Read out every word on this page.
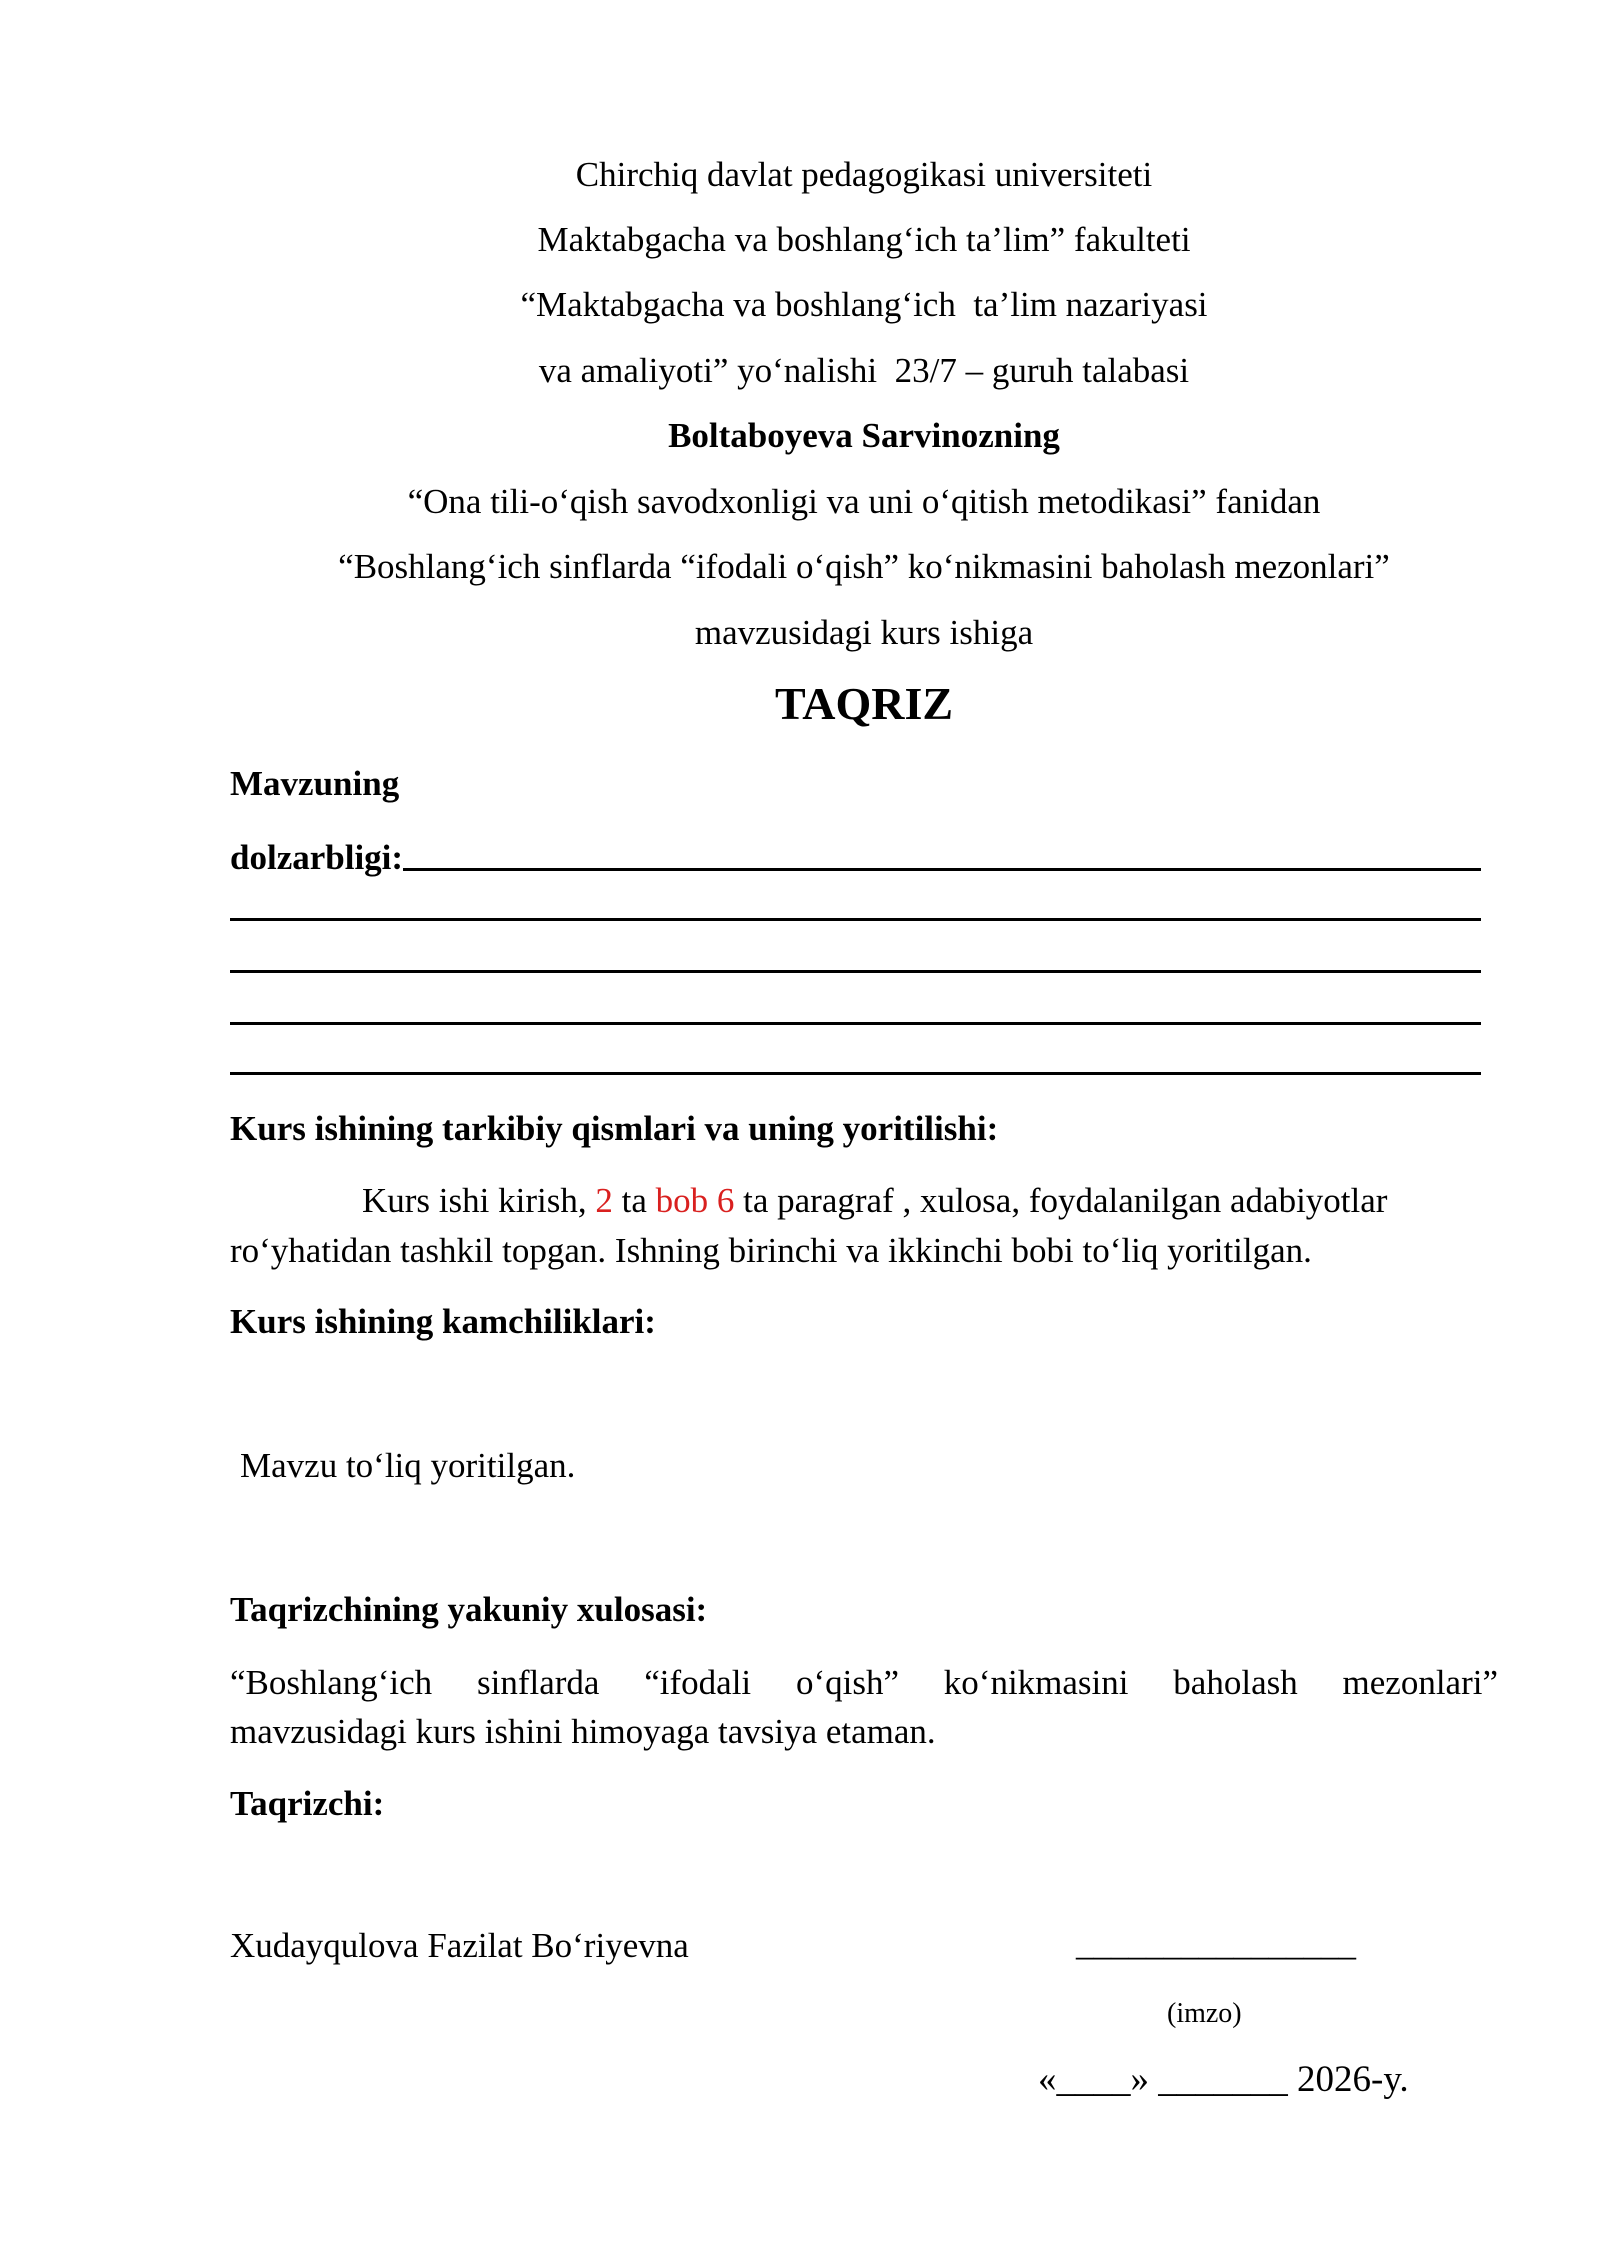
Chirchiq davlat pedagogikasi universiteti
Maktabgacha va boshlang‘ich ta’lim” fakulteti
“Maktabgacha va boshlang‘ich  ta’lim nazariyasi
va amaliyoti” yo‘nalishi  23/7 – guruh talabasi
Boltaboyeva Sarvinozning
“Ona tili-o‘qish savodxonligi va uni o‘qitish metodikasi” fanidan
“Boshlang‘ich sinflarda “ifodali o‘qish” ko‘nikmasini baholash mezonlari”
mavzusidagi kurs ishiga
TAQRIZ
Mavzuning
dolzarbligi:
Kurs ishining tarkibiy qismlari va uning yoritilishi:
Kurs ishi kirish, 2 ta bob 6 ta paragraf , xulosa, foydalanilgan adabiyotlar
ro‘yhatidan tashkil topgan. Ishning birinchi va ikkinchi bobi to‘liq yoritilgan.
Kurs ishining kamchiliklari:
Mavzu to‘liq yoritilgan.
Taqrizchining yakuniy xulosasi:
“Boshlang‘ich sinflarda “ifodali o‘qish” ko‘nikmasini baholash mezonlari”
mavzusidagi kurs ishini himoyaga tavsiya etaman.
Taqrizchi:
Xudayqulova Fazilat Bo‘riyevna	________________
(imzo)
«____» _______ 2026-y.
